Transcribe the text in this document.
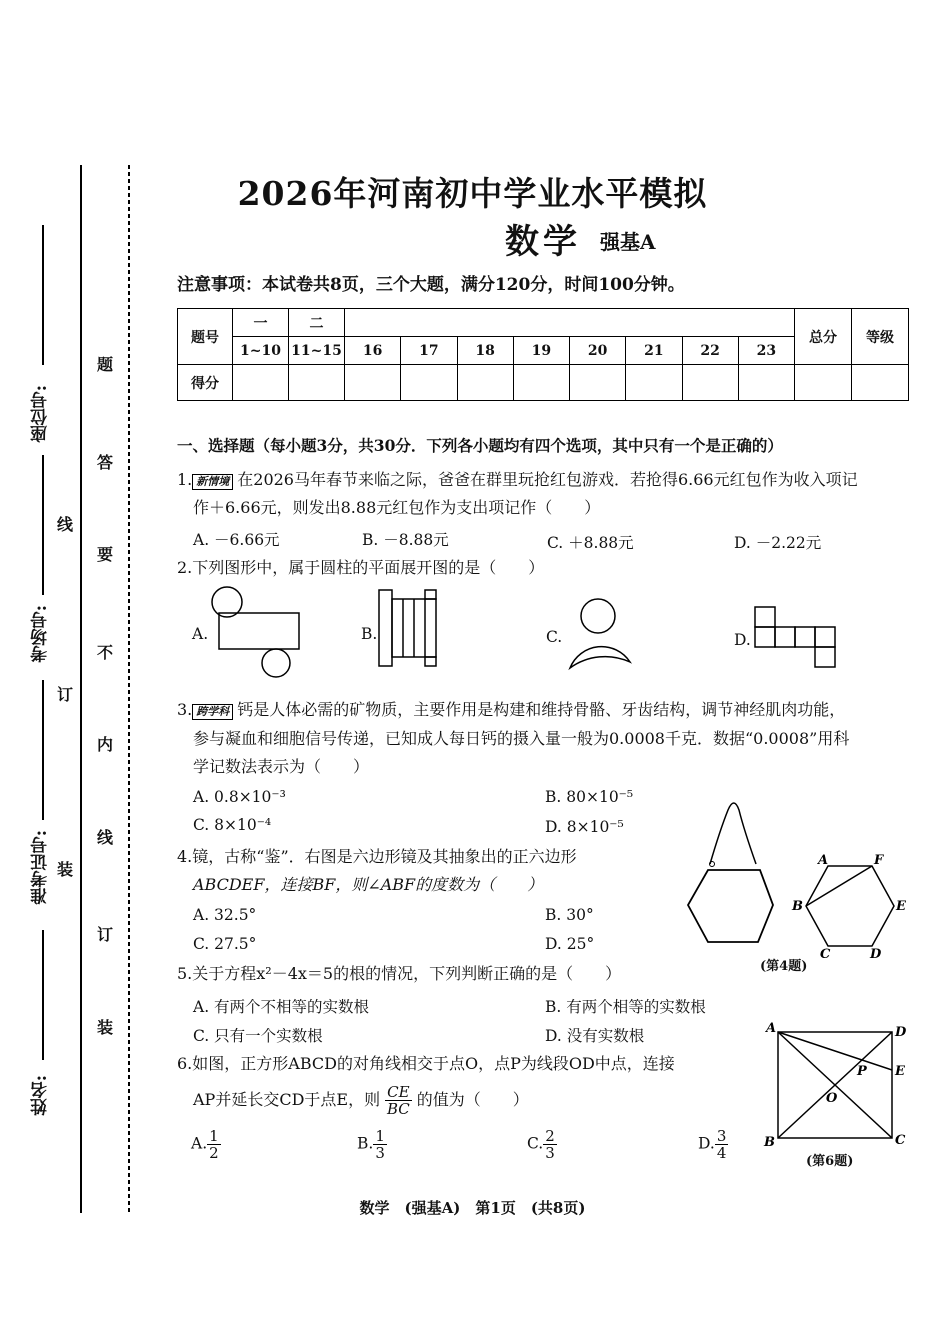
座位号:
考场号:
准考证号:
姓名:
线
订
装
题
答
要
不
内
线
订
装
2026年河南初中学业水平模拟
数学 强基A
注意事项：本试卷共8页，三个大题，满分120分，时间100分钟。
题号	一	二									总分	等级
	1~10	11~15	16	17	18	19	20	21	22	23		
得分												
一、选择题（每小题3分，共30分．下列各小题均有四个选项，其中只有一个是正确的）
1. 新情境 在2026马年春节来临之际，爸爸在群里玩抢红包游戏．若抢得6.66元红包作为收入项记
作＋6.66元，则发出8.88元红包作为支出项记作（　　）
A. －6.66元	B. －8.88元	C. ＋8.88元	D. －2.22元
2.下列图形中，属于圆柱的平面展开图的是（　　）
A.	B.	C.	D.
3. 跨学科 钙是人体必需的矿物质，主要作用是构建和维持骨骼、牙齿结构，调节神经肌肉功能，
参与凝血和细胞信号传递，已知成人每日钙的摄入量一般为0.0008千克．数据“0.0008”用科
学记数法表示为（　　）
A. 0.8×10⁻³	B. 80×10⁻⁵
C. 8×10⁻⁴	D. 8×10⁻⁵
4.镜，古称“鉴”．右图是六边形镜及其抽象出的正六边形
ABCDEF，连接BF，则∠ABF的度数为（　　）
A. 32.5°	B. 30°
C. 27.5°	D. 25°
A	F
B	E
C	D
(第4题)
5.关于方程x²－4x＝5的根的情况，下列判断正确的是（　　）
A. 有两个不相等的实数根	B. 有两个相等的实数根
C. 只有一个实数根	D. 没有实数根
6.如图，正方形ABCD的对角线相交于点O，点P为线段OD中点，连接
AP并延长交CD于点E，则 $\frac{CE}{BC}$ 的值为（　　）
A. $\frac{1}{2}$	B. $\frac{1}{3}$	C. $\frac{2}{3}$	D. $\frac{3}{4}$
A	D
P E
O
B	C
(第6题)
数学　(强基A)　第1页　(共8页)
